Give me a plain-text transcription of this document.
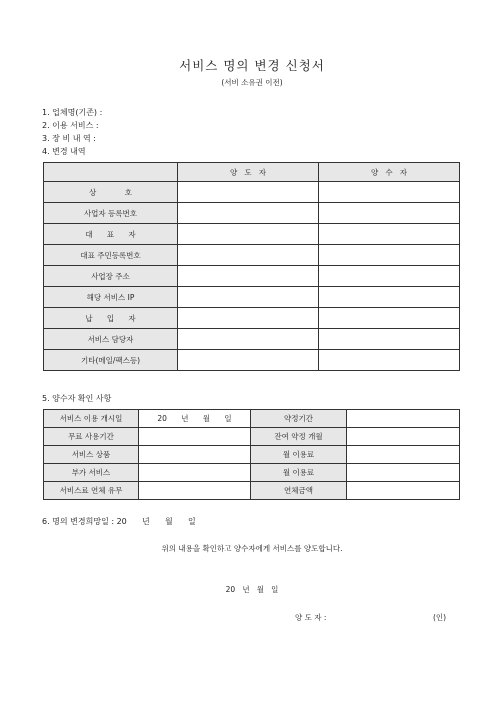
서비스 명의 변경 신청서
(서비 소유권 이전)
1. 업체명(기존) :
2. 이용 서비스 :
3. 장 비 내 역 :
4. 변경 내역
	양   도   자	양   수   자
상            호		
사업자 등록번호		
대      표      자		
대표 주민등록번호		
사업장 주소		
해당 서비스 IP		
납      입      자		
서비스 담당자		
기타(메일/팩스등)		
5. 양수자 확인 사항
서비스 이용 개시일	20      년      월      일	약정기간	
무료 사용기간		잔여 약정 개월	
서비스 상품		월 이용료	
부가 서비스		월 이용료	
서비스료 연체 유무		연체금액	
6. 명의 변경희망일 : 20      년      월      일
위의 내용을 확인하고 양수자에게 서비스를 양도합니다.
20   년   월   일
양 도 자 :	(인)
